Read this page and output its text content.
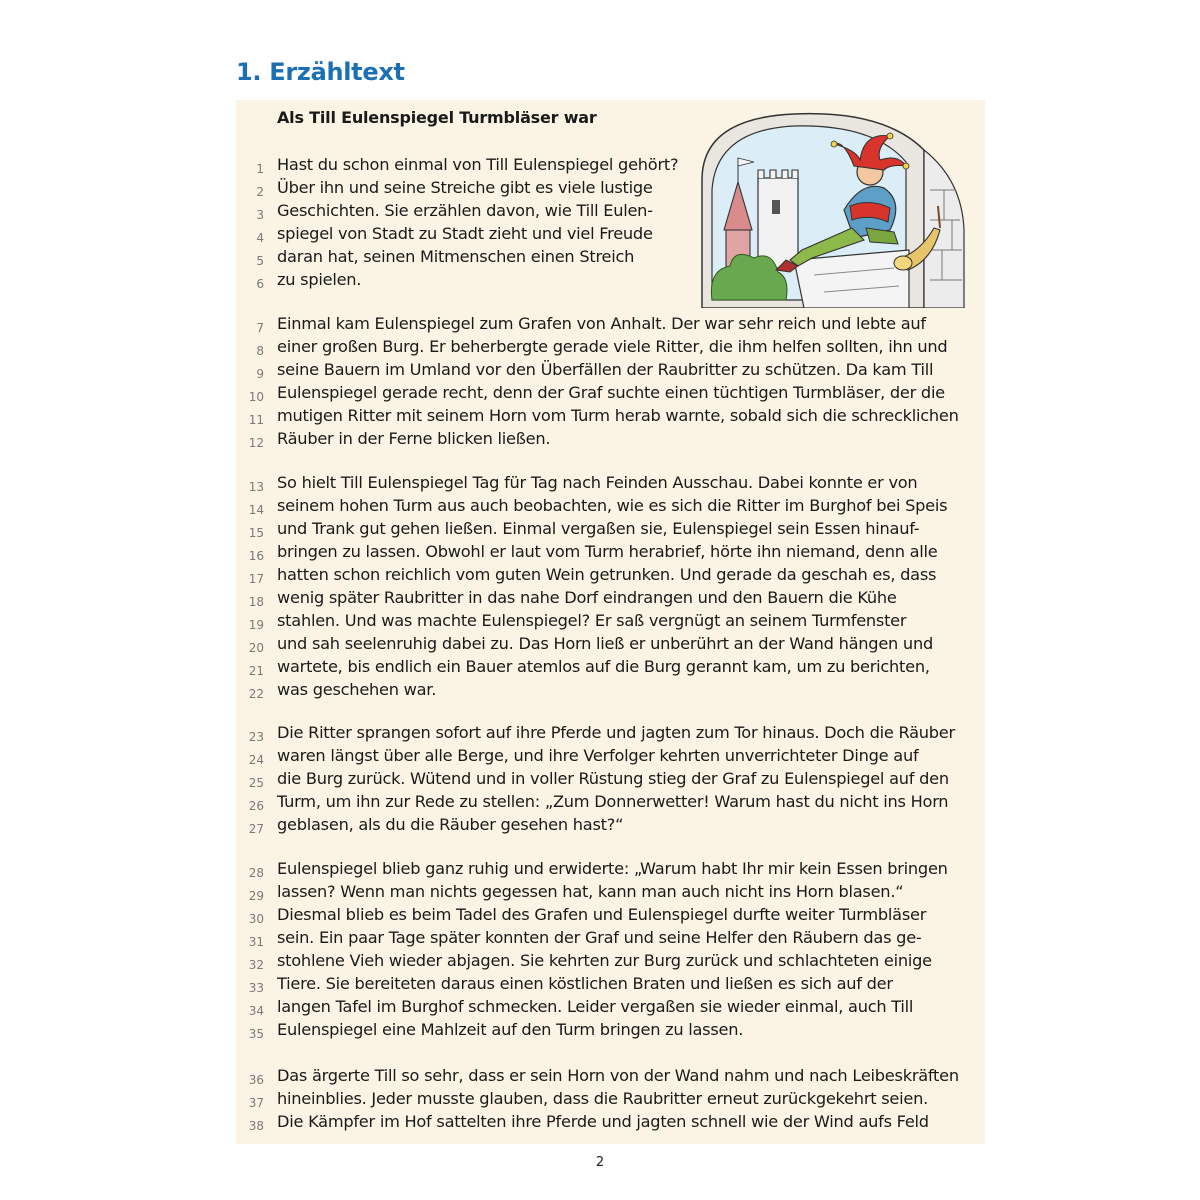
1. Erzähltext
Als Till Eulenspiegel Turmbläser war
1 Hast du schon einmal von Till Eulenspiegel gehört?
2 Über ihn und seine Streiche gibt es viele lustige
3 Geschichten. Sie erzählen davon, wie Till Eulen-
4 spiegel von Stadt zu Stadt zieht und viel Freude
5 daran hat, seinen Mitmenschen einen Streich
6 zu spielen.
7 Einmal kam Eulenspiegel zum Grafen von Anhalt. Der war sehr reich und lebte auf
8 einer großen Burg. Er beherbergte gerade viele Ritter, die ihm helfen sollten, ihn und
9 seine Bauern im Umland vor den Überfällen der Raubritter zu schützen. Da kam Till
10 Eulenspiegel gerade recht, denn der Graf suchte einen tüchtigen Turmbläser, der die
11 mutigen Ritter mit seinem Horn vom Turm herab warnte, sobald sich die schrecklichen
12 Räuber in der Ferne blicken ließen.
13 So hielt Till Eulenspiegel Tag für Tag nach Feinden Ausschau. Dabei konnte er von
14 seinem hohen Turm aus auch beobachten, wie es sich die Ritter im Burghof bei Speis
15 und Trank gut gehen ließen. Einmal vergaßen sie, Eulenspiegel sein Essen hinauf-
16 bringen zu lassen. Obwohl er laut vom Turm herabrief, hörte ihn niemand, denn alle
17 hatten schon reichlich vom guten Wein getrunken. Und gerade da geschah es, dass
18 wenig später Raubritter in das nahe Dorf eindrangen und den Bauern die Kühe
19 stahlen. Und was machte Eulenspiegel? Er saß vergnügt an seinem Turmfenster
20 und sah seelenruhig dabei zu. Das Horn ließ er unberührt an der Wand hängen und
21 wartete, bis endlich ein Bauer atemlos auf die Burg gerannt kam, um zu berichten,
22 was geschehen war.
23 Die Ritter sprangen sofort auf ihre Pferde und jagten zum Tor hinaus. Doch die Räuber
24 waren längst über alle Berge, und ihre Verfolger kehrten unverrichteter Dinge auf
25 die Burg zurück. Wütend und in voller Rüstung stieg der Graf zu Eulenspiegel auf den
26 Turm, um ihn zur Rede zu stellen: „Zum Donnerwetter! Warum hast du nicht ins Horn
27 geblasen, als du die Räuber gesehen hast?“
28 Eulenspiegel blieb ganz ruhig und erwiderte: „Warum habt Ihr mir kein Essen bringen
29 lassen? Wenn man nichts gegessen hat, kann man auch nicht ins Horn blasen.“
30 Diesmal blieb es beim Tadel des Grafen und Eulenspiegel durfte weiter Turmbläser
31 sein. Ein paar Tage später konnten der Graf und seine Helfer den Räubern das ge-
32 stohlene Vieh wieder abjagen. Sie kehrten zur Burg zurück und schlachteten einige
33 Tiere. Sie bereiteten daraus einen köstlichen Braten und ließen es sich auf der
34 langen Tafel im Burghof schmecken. Leider vergaßen sie wieder einmal, auch Till
35 Eulenspiegel eine Mahlzeit auf den Turm bringen zu lassen.
36 Das ärgerte Till so sehr, dass er sein Horn von der Wand nahm und nach Leibeskräften
37 hineinblies. Jeder musste glauben, dass die Raubritter erneut zurückgekehrt seien.
38 Die Kämpfer im Hof sattelten ihre Pferde und jagten schnell wie der Wind aufs Feld
2
